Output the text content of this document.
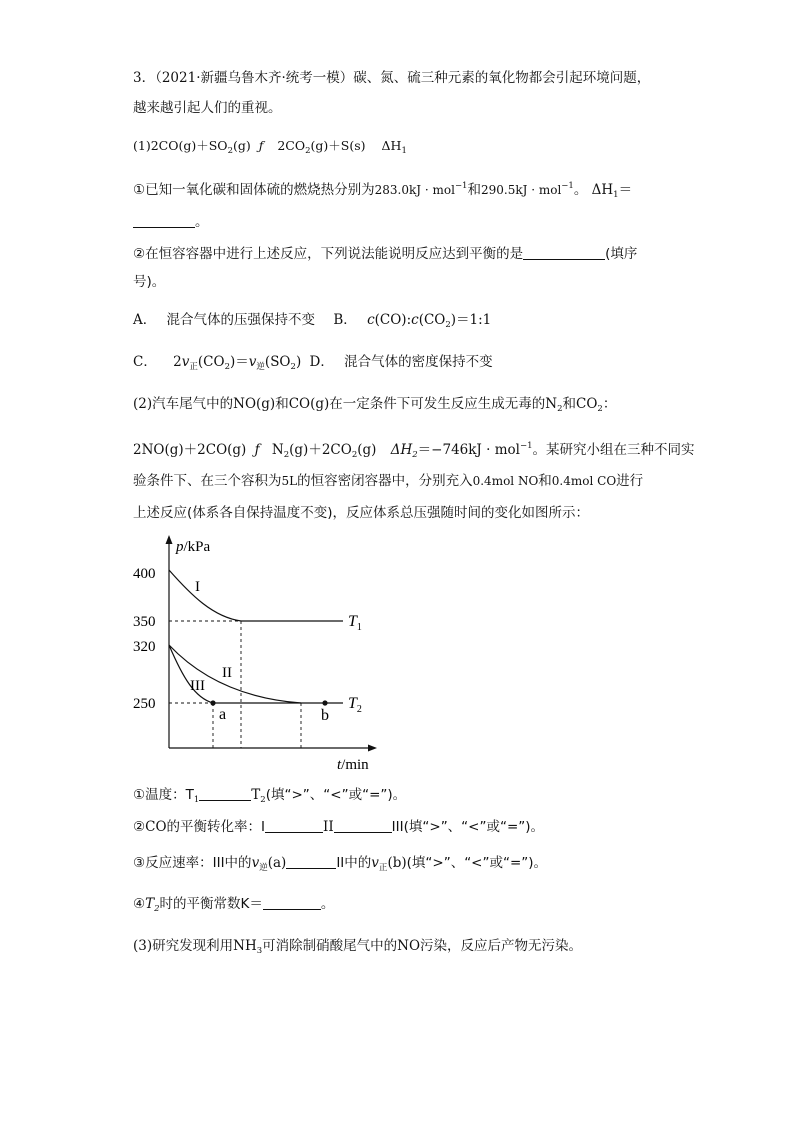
3．（2021·新疆乌鲁木齐·统考一模）碳、氮、硫三种元素的氧化物都会引起环境问题，
越来越引起人们的重视。
$(1)2CO(g)+SO_2(g)$ ƒ $2CO_2(g)+S(s)$ $\Delta H_1$
①已知一氧化碳和固体硫的燃烧热分别为283.0kJ · mol$^{-1}$和290.5kJ · mol$^{-1}$。 $\Delta H_1=$
。
②在恒容容器中进行上述反应，下列说法能说明反应达到平衡的是	(填序
号)。
A． 混合气体的压强保持不变 B． $c(CO):c(CO_2)=1:1$
C． $2v_正(CO_2)=v_逆(SO_2)$ D． 混合气体的密度保持不变
(2)汽车尾气中的NO(g)和CO(g)在一定条件下可发生反应生成无毒的$N_2$和$CO_2$：
2NO(g)＋2CO(g) ƒ $N_2(g)+2CO_2(g) \Delta H_2=-746kJ \cdot mol^{-1}$。某研究小组在三种不同实
验条件下、在三个容积为5L的恒容密闭容器中，分别充入0.4mol NO和0.4mol CO进行
上述反应(体系各自保持温度不变)，反应体系总压强随时间的变化如图所示：
p/kPa
t/min
400
350
320
250
I
II
III
$T_1$
$T_2$
a	b
①温度：$T_1$	$T_2$(填“>”、“<”或“=”)。
②CO的平衡转化率：I	II	III(填“>”、“<”或“=”)。
③反应速率：III中的$v_逆(a)$	II中的$v_正(b)$(填“>”、“<”或“=”)。
$④T_2$时的平衡常数K＝	。
(3)研究发现利用$NH_3$可消除制硝酸尾气中的NO污染，反应后产物无污染。
